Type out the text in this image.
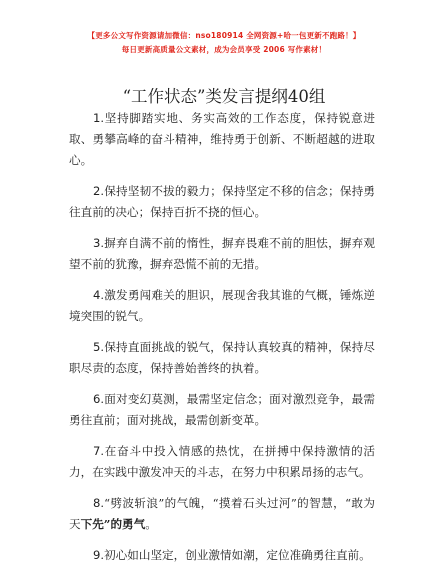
【更多公文写作资源请加微信：nso180914 全网资源+哈一包更新不跑路！】
每日更新高质量公文素材，成为会员享受 2006 写作素材！
“工作状态”类发言提纲40组

1.坚持脚踏实地、务实高效的工作态度，保持锐意进取、勇攀高峰的奋斗精神，维持勇于创新、不断超越的进取心。

2.保持坚韧不拔的毅力；保持坚定不移的信念；保持勇往直前的决心；保持百折不挠的恒心。

3.摒弃自满不前的惰性，摒弃畏难不前的胆怯，摒弃观望不前的犹豫，摒弃恐慌不前的无措。

4.激发勇闯难关的胆识，展现舍我其谁的气概，锤炼逆境突围的锐气。

5.保持直面挑战的锐气，保持认真较真的精神，保持尽职尽责的态度，保持善始善终的执着。

6.面对变幻莫测，最需坚定信念；面对激烈竞争，最需勇往直前；面对挑战，最需创新变革。

7.在奋斗中投入情感的热忱，在拼搏中保持激情的活力，在实践中激发冲天的斗志，在努力中积累昂扬的志气。

8.“劈波斩浪”的气魄，“摸着石头过河”的智慧，“敢为天下先”的勇气。

9.初心如山坚定，创业激情如潮，定位准确勇往直前。
